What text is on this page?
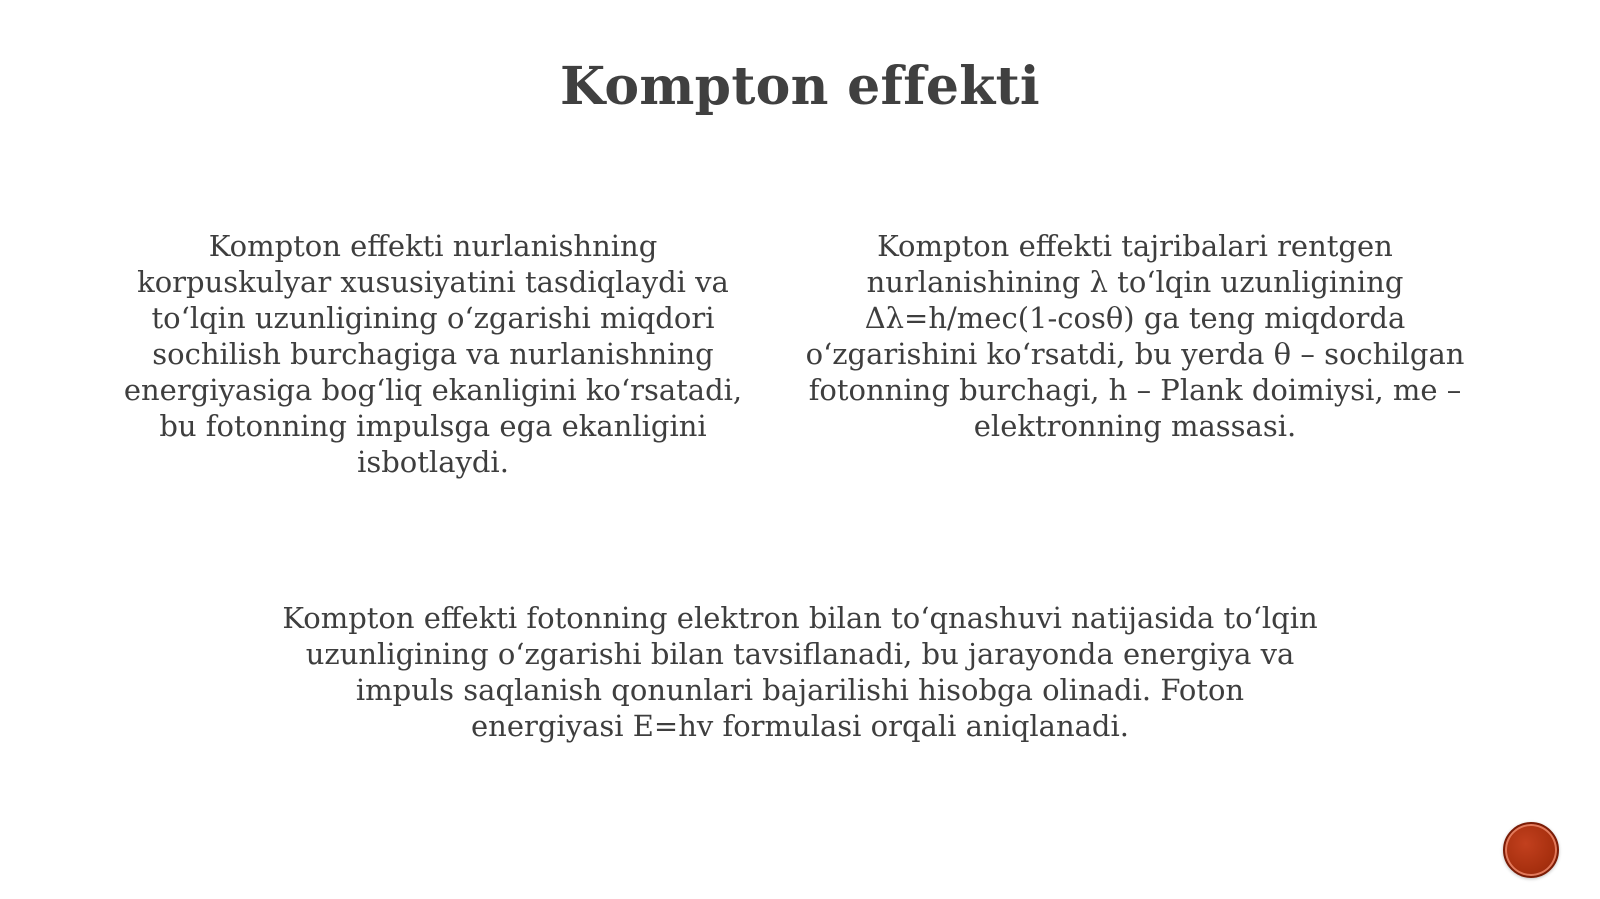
Kompton effekti

Kompton effekti nurlanishning korpuskulyar xususiyatini tasdiqlaydi va to‘lqin uzunligining o‘zgarishi miqdori sochilish burchagiga va nurlanishning energiyasiga bog‘liq ekanligini ko‘rsatadi, bu fotonning impulsga ega ekanligini isbotlaydi.

Kompton effekti tajribalari rentgen nurlanishining λ to‘lqin uzunligining Δλ=h/mec(1-cosθ) ga teng miqdorda o‘zgarishini ko‘rsatdi, bu yerda θ – sochilgan fotonning burchagi, h – Plank doimiysi, me – elektronning massasi.

Kompton effekti fotonning elektron bilan to‘qnashuvi natijasida to‘lqin uzunligining o‘zgarishi bilan tavsiflanadi, bu jarayonda energiya va impuls saqlanish qonunlari bajarilishi hisobga olinadi. Foton energiyasi E=hv formulasi orqali aniqlanadi.
